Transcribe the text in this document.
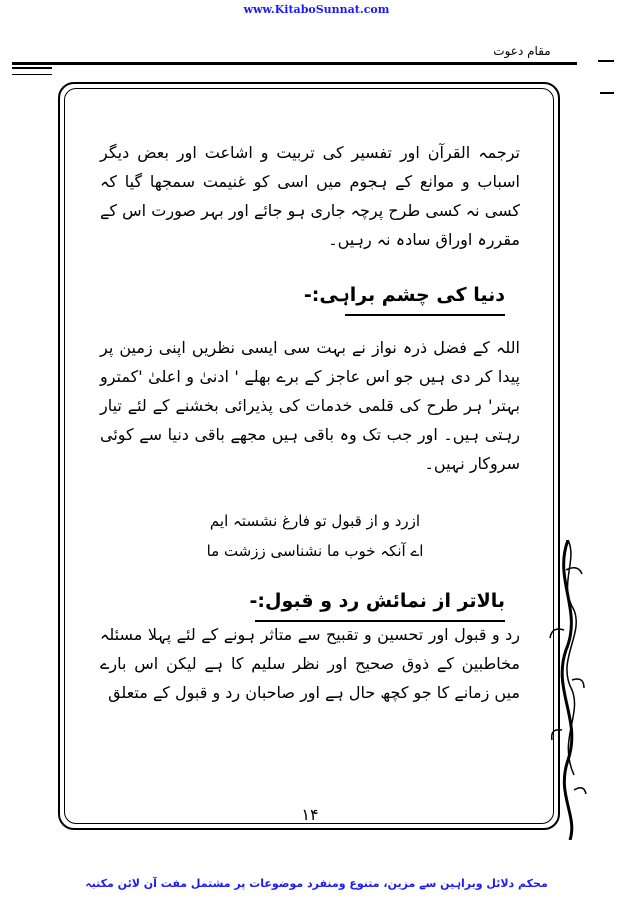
www.KitaboSunnat.com
مقام دعوت
ترجمہ القرآن اور تفسیر کی تربیت و اشاعت اور بعض دیگر اسباب و موانع کے ہجوم میں اسی کو غنیمت سمجھا گیا کہ کسی نہ کسی طرح پرچہ جاری ہو جائے اور بہر صورت اس کے مقررہ اوراق سادہ نہ رہیں۔
دنیا کی چشم براہی:-
اللہ کے فضل ذرہ نواز نے بہت سی ایسی نظریں اپنی زمین پر پیدا کر دی ہیں جو اس عاجز کے برے بھلے ' ادنیٰ و اعلیٰ 'کمترو بہتر' ہر طرح کی قلمی خدمات کی پذیرائی بخشنے کے لئے تیار رہتی ہیں۔ اور جب تک وہ باقی ہیں مجھے باقی دنیا سے کوئی سروکار نہیں۔
ازرد و از قبول تو فارغ نشستہ ایم
اے آنکہ خوب ما نشناسی ززشت ما
بالاتر از نمائش رد و قبول:-
رد و قبول اور تحسین و تقبیح سے متاثر ہونے کے لئے پہلا مسئلہ مخاطبین کے ذوق صحیح اور نظر سلیم کا ہے لیکن اس بارے میں زمانے کا جو کچھ حال ہے اور صاحبان رد و قبول کے متعلق
۱۴
محکم دلائل وبراہین سے مزین، متنوع ومنفرد موضوعات پر مشتمل مفت آن لائن مکتبہ
